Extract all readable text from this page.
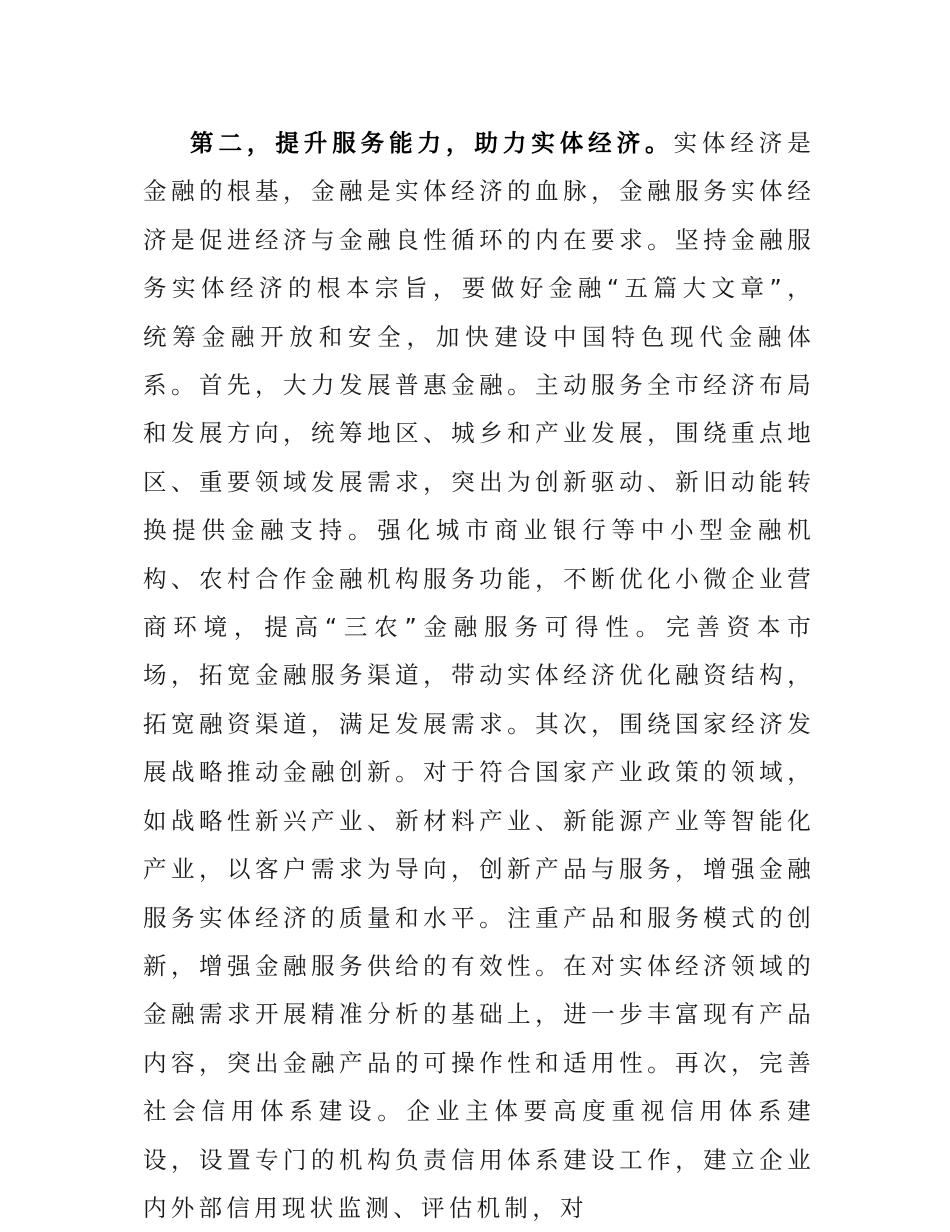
第二，提升服务能力，助力实体经济。实体经济是金融的根基，金融是实体经济的血脉，金融服务实体经济是促进经济与金融良性循环的内在要求。坚持金融服务实体经济的根本宗旨，要做好金融“五篇大文章”，统筹金融开放和安全，加快建设中国特色现代金融体系。首先，大力发展普惠金融。主动服务全市经济布局和发展方向，统筹地区、城乡和产业发展，围绕重点地区、重要领域发展需求，突出为创新驱动、新旧动能转换提供金融支持。强化城市商业银行等中小型金融机构、农村合作金融机构服务功能，不断优化小微企业营商环境，提高“三农”金融服务可得性。完善资本市场，拓宽金融服务渠道，带动实体经济优化融资结构，拓宽融资渠道，满足发展需求。其次，围绕国家经济发展战略推动金融创新。对于符合国家产业政策的领域，如战略性新兴产业、新材料产业、新能源产业等智能化产业，以客户需求为导向，创新产品与服务，增强金融服务实体经济的质量和水平。注重产品和服务模式的创新，增强金融服务供给的有效性。在对实体经济领域的金融需求开展精准分析的基础上，进一步丰富现有产品内容，突出金融产品的可操作性和适用性。再次，完善社会信用体系建设。企业主体要高度重视信用体系建设，设置专门的机构负责信用体系建设工作，建立企业内外部信用现状监测、评估机制，对
